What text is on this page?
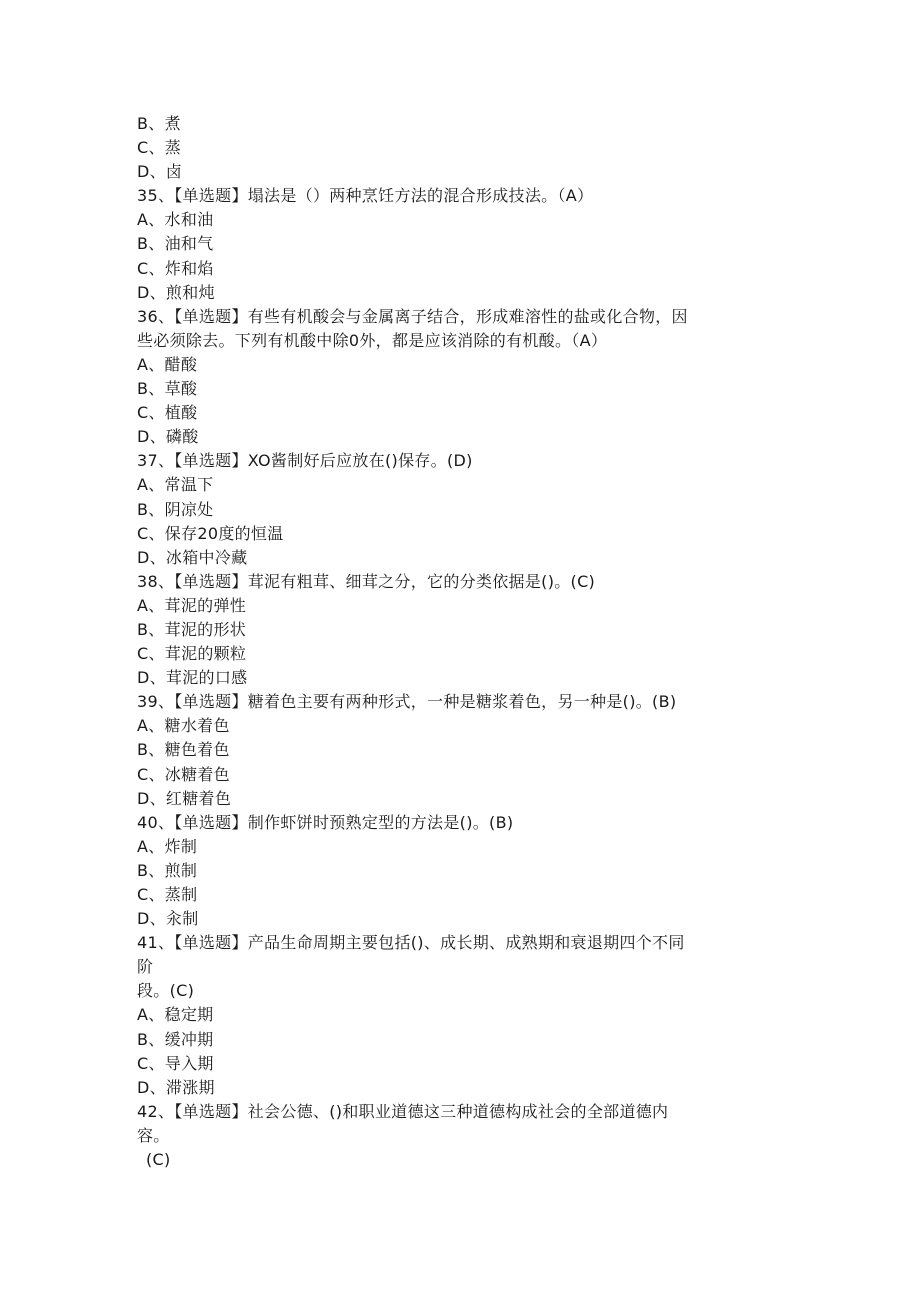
B、煮
C、蒸
D、卤
35、【单选题】塌法是（）两种烹饪方法的混合形成技法。（A）
A、水和油
B、油和气
C、炸和焰
D、煎和炖
36、【单选题】有些有机酸会与金属离子结合，形成难溶性的盐或化合物，因
些必须除去。下列有机酸中除0外，都是应该消除的有机酸。（A）
A、醋酸
B、草酸
C、植酸
D、磷酸
37、【单选题】XO酱制好后应放在()保存。(D)
A、常温下
B、阴凉处
C、保存20度的恒温
D、冰箱中冷藏
38、【单选题】茸泥有粗茸、细茸之分，它的分类依据是()。(C)
A、茸泥的弹性
B、茸泥的形状
C、茸泥的颗粒
D、茸泥的口感
39、【单选题】糖着色主要有两种形式，一种是糖浆着色，另一种是()。(B)
A、糖水着色
B、糖色着色
C、冰糖着色
D、红糖着色
40、【单选题】制作虾饼时预熟定型的方法是()。(B)
A、炸制
B、煎制
C、蒸制
D、汆制
41、【单选题】产品生命周期主要包括()、成长期、成熟期和衰退期四个不同
阶
段。(C)
A、稳定期
B、缓冲期
C、导入期
D、滞涨期
42、【单选题】社会公德、()和职业道德这三种道德构成社会的全部道德内
容。
(C)
